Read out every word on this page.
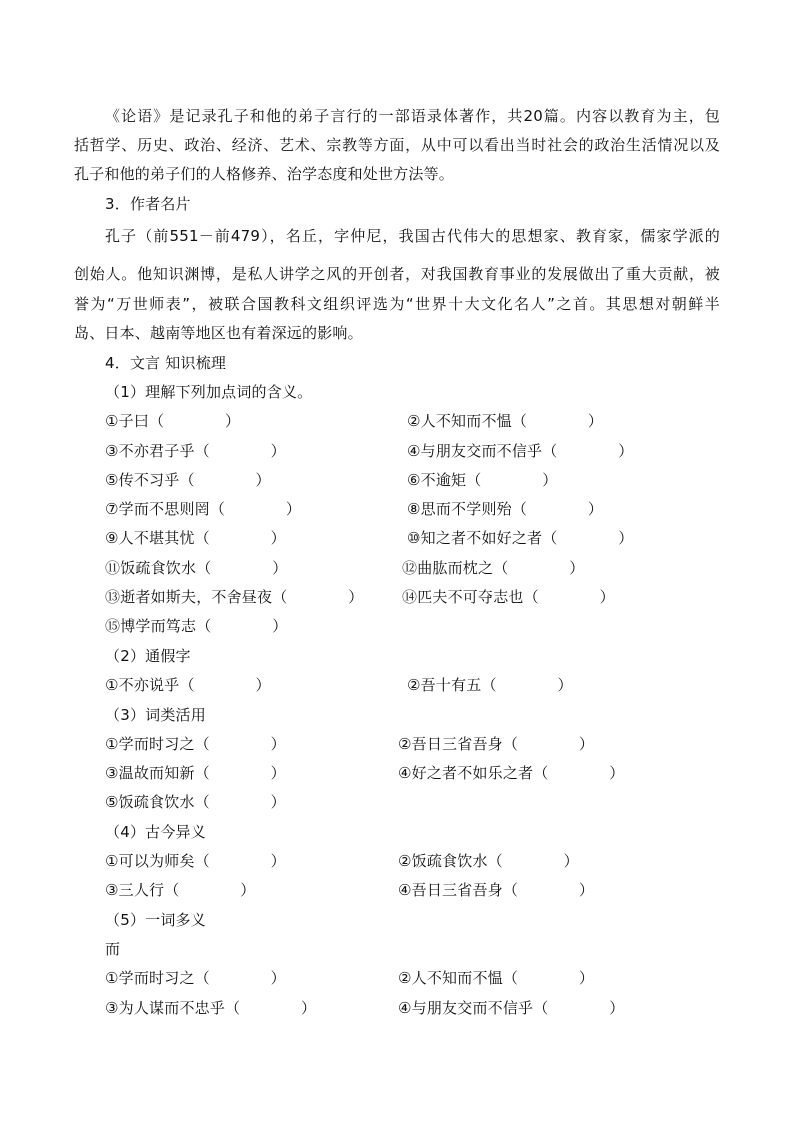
《论语》是记录孔子和他的弟子言行的一部语录体著作，共20篇。内容以教育为主，包
括哲学、历史、政治、经济、艺术、宗教等方面，从中可以看出当时社会的政治生活情况以及
孔子和他的弟子们的人格修养、治学态度和处世方法等。
3．作者名片
孔子（前551－前479），名丘，字仲尼，我国古代伟大的思想家、教育家，儒家学派的
创始人。他知识渊博，是私人讲学之风的开创者，对我国教育事业的发展做出了重大贡献，被
誉为“万世师表”，被联合国教科文组织评选为“世界十大文化名人”之首。其思想对朝鲜半
岛、日本、越南等地区也有着深远的影响。
4．文言 知识梳理
（1）理解下列加点词的含义。
①子曰（　　　　）	②人不知而不愠（　　　　）
③不亦君子乎（　　　　）	④与朋友交而不信乎（　　　　）
⑤传不习乎（　　　　）	⑥不逾矩（　　　　）
⑦学而不思则罔（　　　　）	⑧思而不学则殆（　　　　）
⑨人不堪其忧（　　　　）	⑩知之者不如好之者（　　　　）
⑪饭疏食饮水（　　　　）	⑫曲肱而枕之（　　　　）
⑬逝者如斯夫，不舍昼夜（　　　　）	⑭匹夫不可夺志也（　　　　）
⑮博学而笃志（　　　　）
（2）通假字
①不亦说乎（　　　　）	②吾十有五（　　　　）
（3）词类活用
①学而时习之（　　　　）	②吾日三省吾身（　　　　）
③温故而知新（　　　　）	④好之者不如乐之者（　　　　）
⑤饭疏食饮水（　　　　）
（4）古今异义
①可以为师矣（　　　　）	②饭疏食饮水（　　　　）
③三人行（　　　　）	④吾日三省吾身（　　　　）
（5）一词多义
而
①学而时习之（　　　　）	②人不知而不愠（　　　　）
③为人谋而不忠乎（　　　　）	④与朋友交而不信乎（　　　　）
